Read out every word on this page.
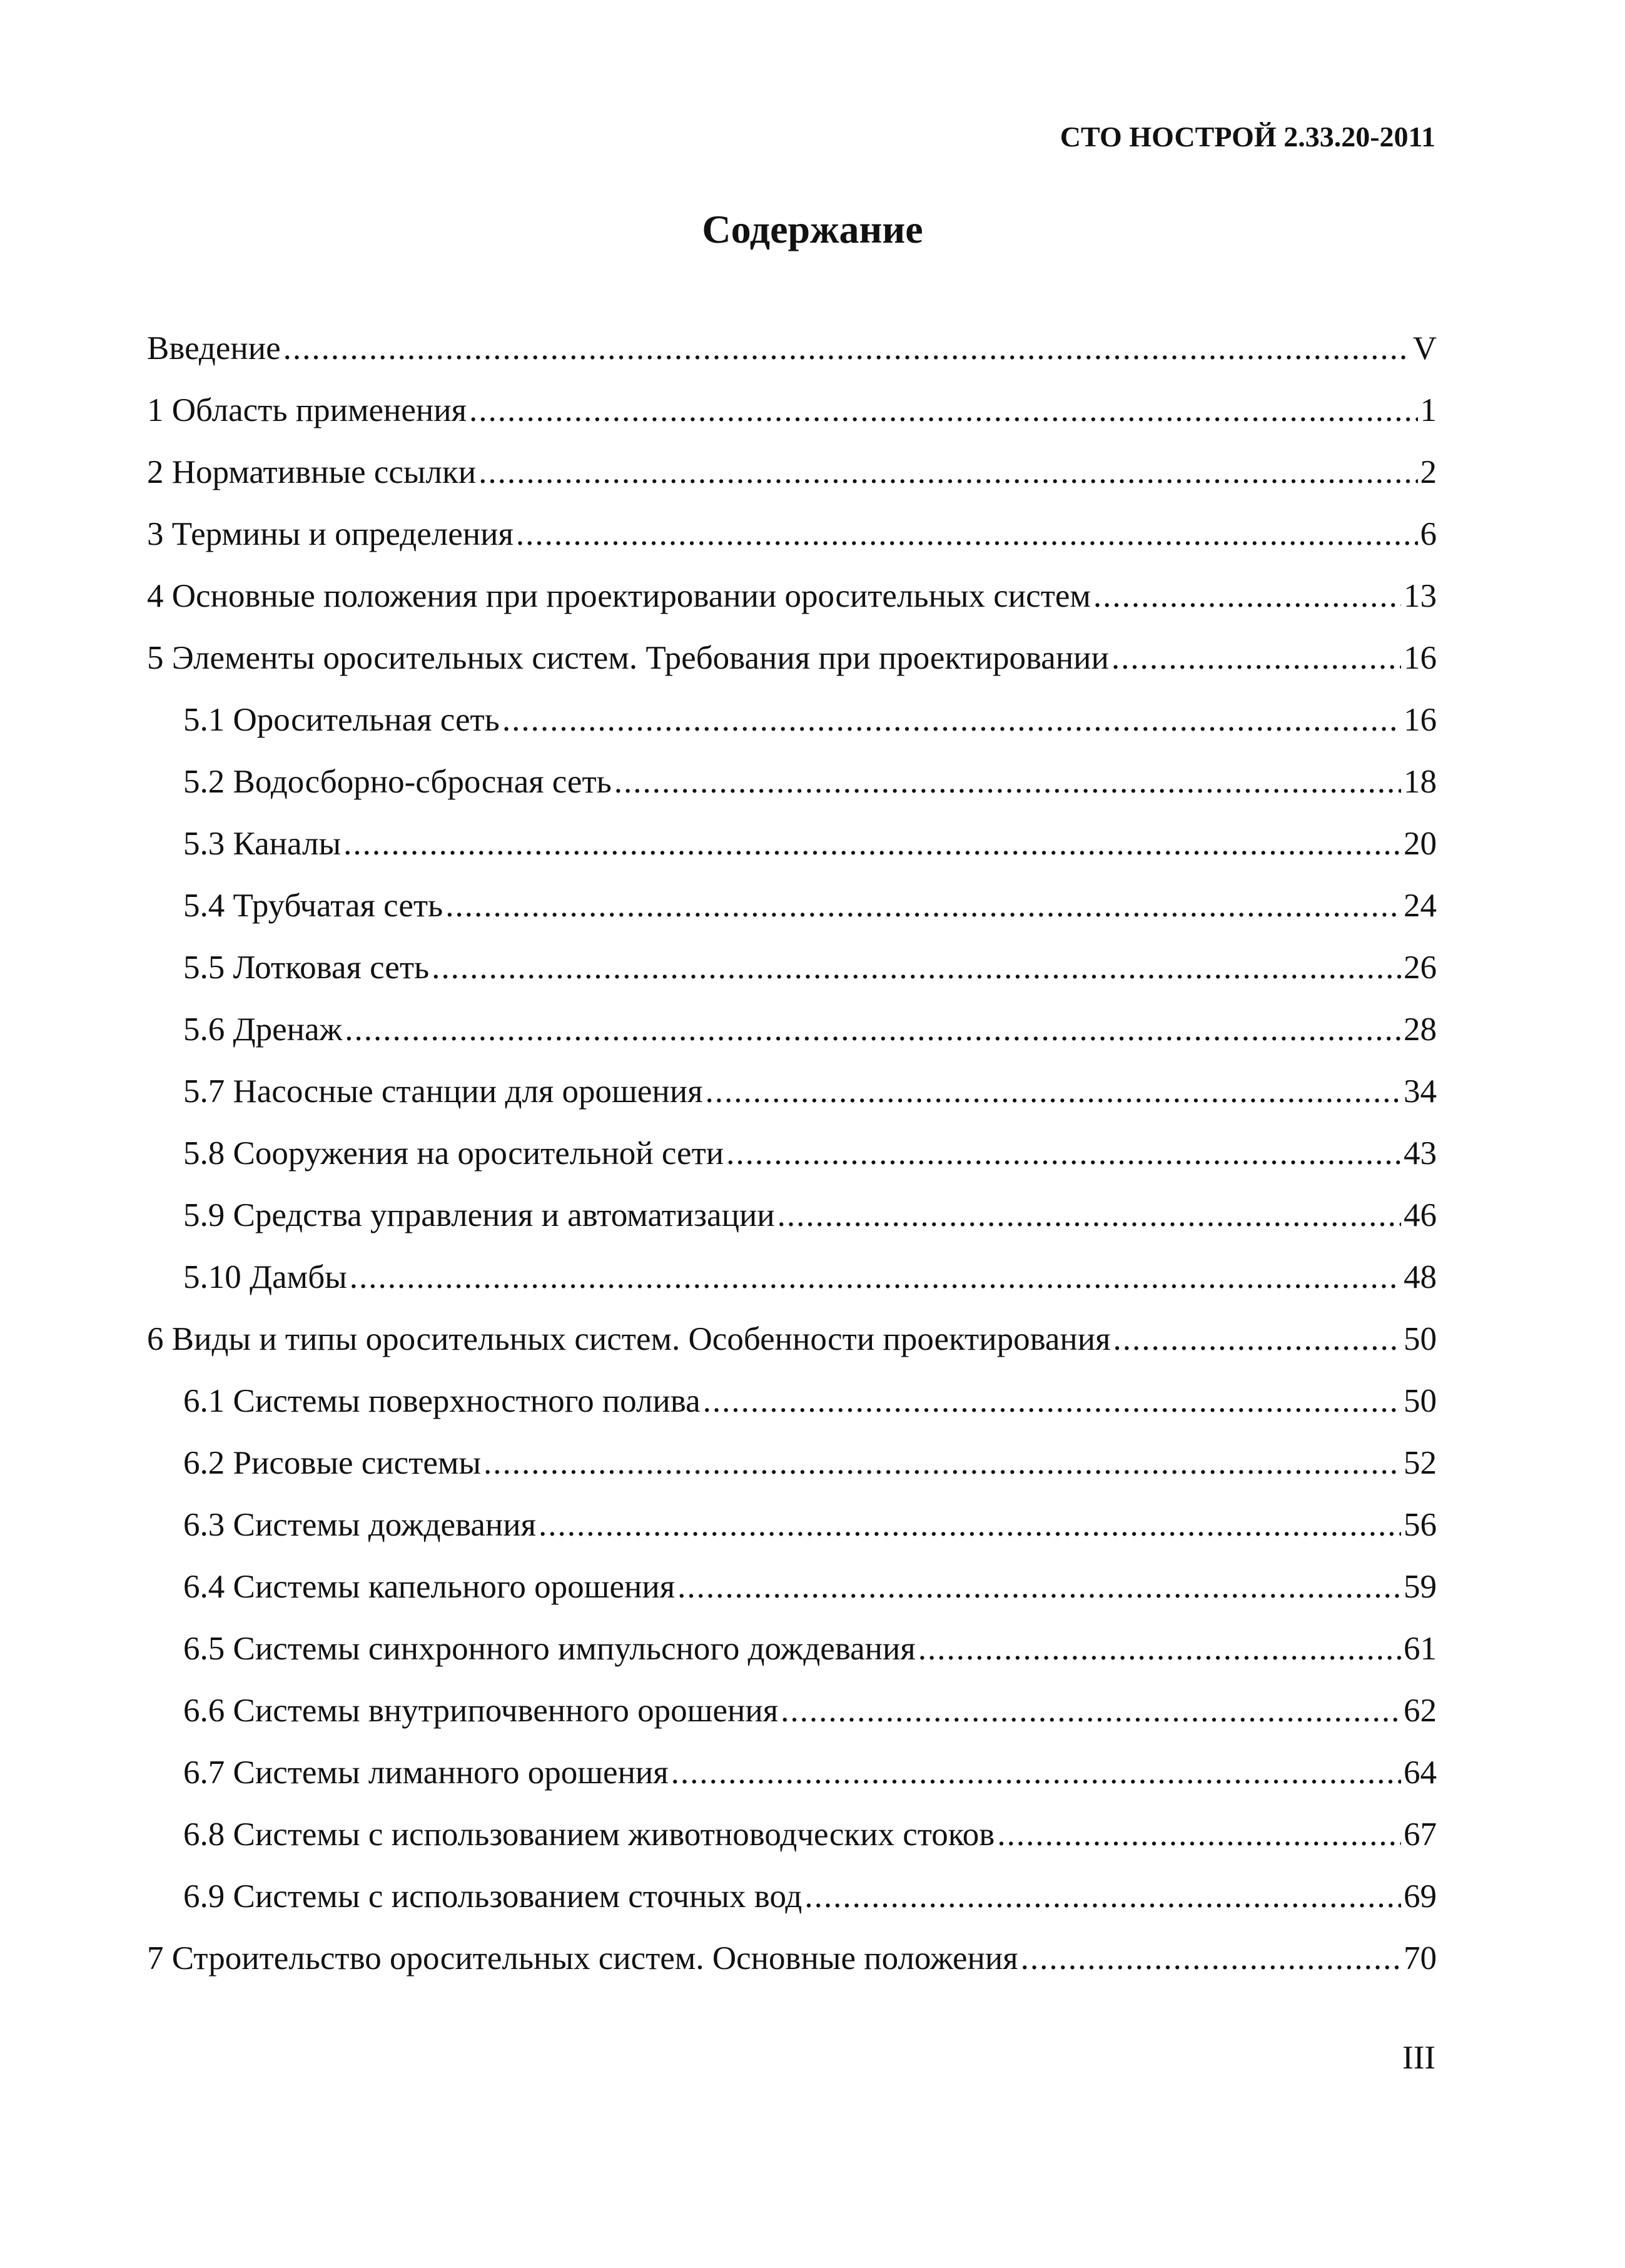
СТО НОСТРОЙ 2.33.20-2011
Содержание
Введение .....	V
1 Область применения .....	1
2 Нормативные ссылки .....	2
3 Термины и определения .....	6
4 Основные положения при проектировании оросительных систем .....	13
5 Элементы оросительных систем. Требования при проектировании .....	16
5.1 Оросительная сеть .....	16
5.2 Водосборно-сбросная сеть .....	18
5.3 Каналы .....	20
5.4 Трубчатая сеть .....	24
5.5 Лотковая сеть .....	26
5.6 Дренаж .....	28
5.7 Насосные станции для орошения .....	34
5.8 Сооружения на оросительной сети .....	43
5.9 Средства управления и автоматизации .....	46
5.10 Дамбы .....	48
6 Виды и типы оросительных систем. Особенности проектирования .....	50
6.1 Системы поверхностного полива .....	50
6.2 Рисовые системы .....	52
6.3 Системы дождевания .....	56
6.4 Системы капельного орошения .....	59
6.5 Системы синхронного импульсного дождевания .....	61
6.6 Системы внутрипочвенного орошения .....	62
6.7 Системы лиманного орошения .....	64
6.8 Системы с использованием животноводческих стоков .....	67
6.9 Системы с использованием сточных вод .....	69
7 Строительство оросительных систем. Основные положения .....	70
III
